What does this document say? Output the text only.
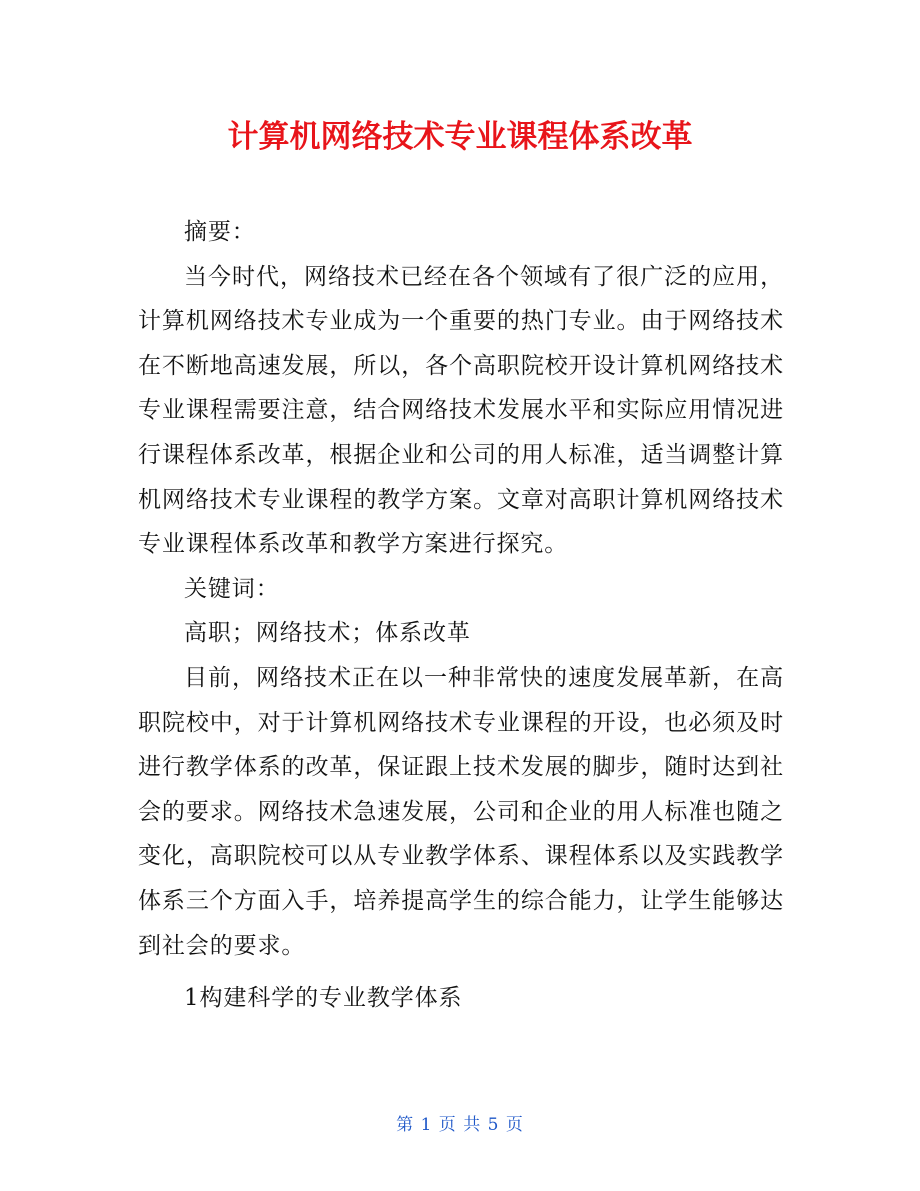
计算机网络技术专业课程体系改革

摘要：

当今时代，网络技术已经在各个领域有了很广泛的应用，计算机网络技术专业成为一个重要的热门专业。由于网络技术在不断地高速发展，所以，各个高职院校开设计算机网络技术专业课程需要注意，结合网络技术发展水平和实际应用情况进行课程体系改革，根据企业和公司的用人标准，适当调整计算机网络技术专业课程的教学方案。文章对高职计算机网络技术专业课程体系改革和教学方案进行探究。

关键词：

高职；网络技术；体系改革

目前，网络技术正在以一种非常快的速度发展革新，在高职院校中，对于计算机网络技术专业课程的开设，也必须及时进行教学体系的改革，保证跟上技术发展的脚步，随时达到社会的要求。网络技术急速发展，公司和企业的用人标准也随之变化，高职院校可以从专业教学体系、课程体系以及实践教学体系三个方面入手，培养提高学生的综合能力，让学生能够达到社会的要求。

1构建科学的专业教学体系

第 1 页 共 5 页
